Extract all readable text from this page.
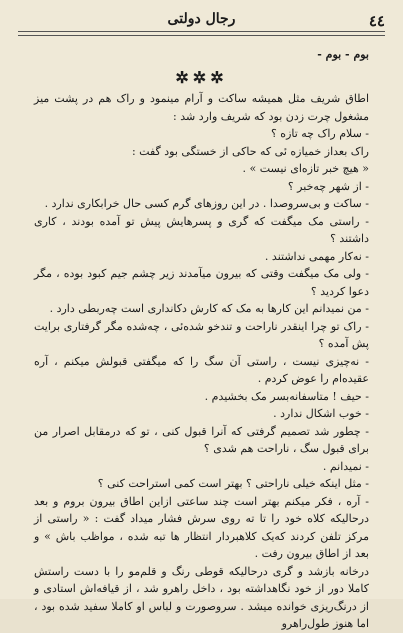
٤٤
رجال دولتی

بوم - بوم -

✲✲✲

اطاق شریف مثل همیشه ساکت و آرام مینمود و راک هم در پشت میز مشغول چرت زدن بود که شریف وارد شد :

- سلام راک چه تازه ؟

راک بعداز خمیازه ئی که حاکی از خستگی بود گفت :

« هیچ خبر تازه‌ای نیست » .

- از شهر چه‌خبر ؟

- ساکت و بی‌سروصدا . در این روزهای گرم کسی حال خرابکاری ندارد .

- راستی مک میگفت که گری و پسرهایش پیش تو آمده بودند ، کاری داشتند ؟

- نه‌کار مهمی نداشتند .

- ولی مک میگفت وقتی که بیرون میآمدند زیر چشم جیم کبود بوده ، مگر دعوا کردید ؟

- من نمیدانم این کارها به مک که کارش دکانداری است چه‌ربطی دارد .

- راک تو چرا اینقدر ناراحت و تندخو شده‌ئی ، چه‌شده مگر گرفتاری برایت پش آمده ؟

- نه‌چیزی نیست ، راستی آن سگ را که میگفتی قبولش میکنم ، آره عقیده‌ام را عوض کردم .

- حیف ! متاسفانه‌بسر مک بخشیدم .

- خوب اشکال ندارد .

- چطور شد تصمیم گرفتی که آنرا قبول کنی ، تو که درمقابل اصرار من برای قبول سگ ، ناراحت هم شدی ؟

- نمیدانم .

- مثل اینکه خیلی ناراحتی ؟ بهتر است کمی استراحت کنی ؟

- آره ، فکر میکنم بهتر است چند ساعتی ازاین اطاق بیرون بروم و بعد درحالیکه کلاه خود را تا ته روی سرش فشار میداد گفت : « راستی از مرکز تلفن کردند که‌یک کلاهبردار انتظار ها تبه شده ، مواظب باش » و بعد از اطاق بیرون رفت .

درخانه بازشد و گری درحالیکه قوطی رنگ و قلم‌مو را با دست راستش کاملا دور از خود نگاهداشته بود ، داخل راهرو شد ، از قیافه‌اش استادی و از درنگ‌ریزی خوانده میشد . سرو‌صورت و لباس او کاملا سفید شده بود ، اما هنوز طول‌راهرو
